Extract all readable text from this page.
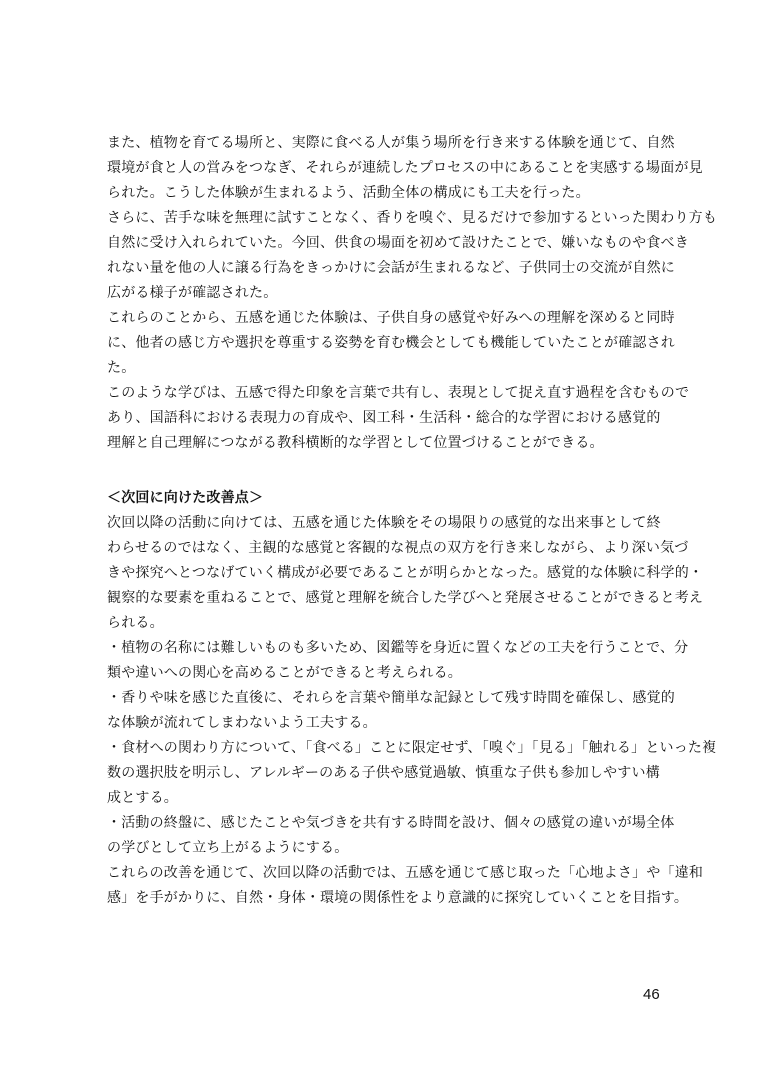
また、植物を育てる場所と、実際に食べる人が集う場所を行き来する体験を通じて、自然
環境が食と人の営みをつなぎ、それらが連続したプロセスの中にあることを実感する場面が見
られた。こうした体験が生まれるよう、活動全体の構成にも工夫を行った。
さらに、苦手な味を無理に試すことなく、香りを嗅ぐ、見るだけで参加するといった関わり方も
自然に受け入れられていた。今回、供食の場面を初めて設けたことで、嫌いなものや食べき
れない量を他の人に譲る行為をきっかけに会話が生まれるなど、子供同士の交流が自然に
広がる様子が確認された。
これらのことから、五感を通じた体験は、子供自身の感覚や好みへの理解を深めると同時
に、他者の感じ方や選択を尊重する姿勢を育む機会としても機能していたことが確認され
た。
このような学びは、五感で得た印象を言葉で共有し、表現として捉え直す過程を含むもので
あり、国語科における表現力の育成や、図工科・生活科・総合的な学習における感覚的
理解と自己理解につながる教科横断的な学習として位置づけることができる。
＜次回に向けた改善点＞
次回以降の活動に向けては、五感を通じた体験をその場限りの感覚的な出来事として終
わらせるのではなく、主観的な感覚と客観的な視点の双方を行き来しながら、より深い気づ
きや探究へとつなげていく構成が必要であることが明らかとなった。感覚的な体験に科学的・
観察的な要素を重ねることで、感覚と理解を統合した学びへと発展させることができると考え
られる。
・植物の名称には難しいものも多いため、図鑑等を身近に置くなどの工夫を行うことで、分
類や違いへの関心を高めることができると考えられる。
・香りや味を感じた直後に、それらを言葉や簡単な記録として残す時間を確保し、感覚的
な体験が流れてしまわないよう工夫する。
・食材への関わり方について、「食べる」ことに限定せず、「嗅ぐ」「見る」「触れる」といった複
数の選択肢を明示し、アレルギーのある子供や感覚過敏、慎重な子供も参加しやすい構
成とする。
・活動の終盤に、感じたことや気づきを共有する時間を設け、個々の感覚の違いが場全体
の学びとして立ち上がるようにする。
これらの改善を通じて、次回以降の活動では、五感を通じて感じ取った「心地よさ」や「違和
感」を手がかりに、自然・身体・環境の関係性をより意識的に探究していくことを目指す。
46
